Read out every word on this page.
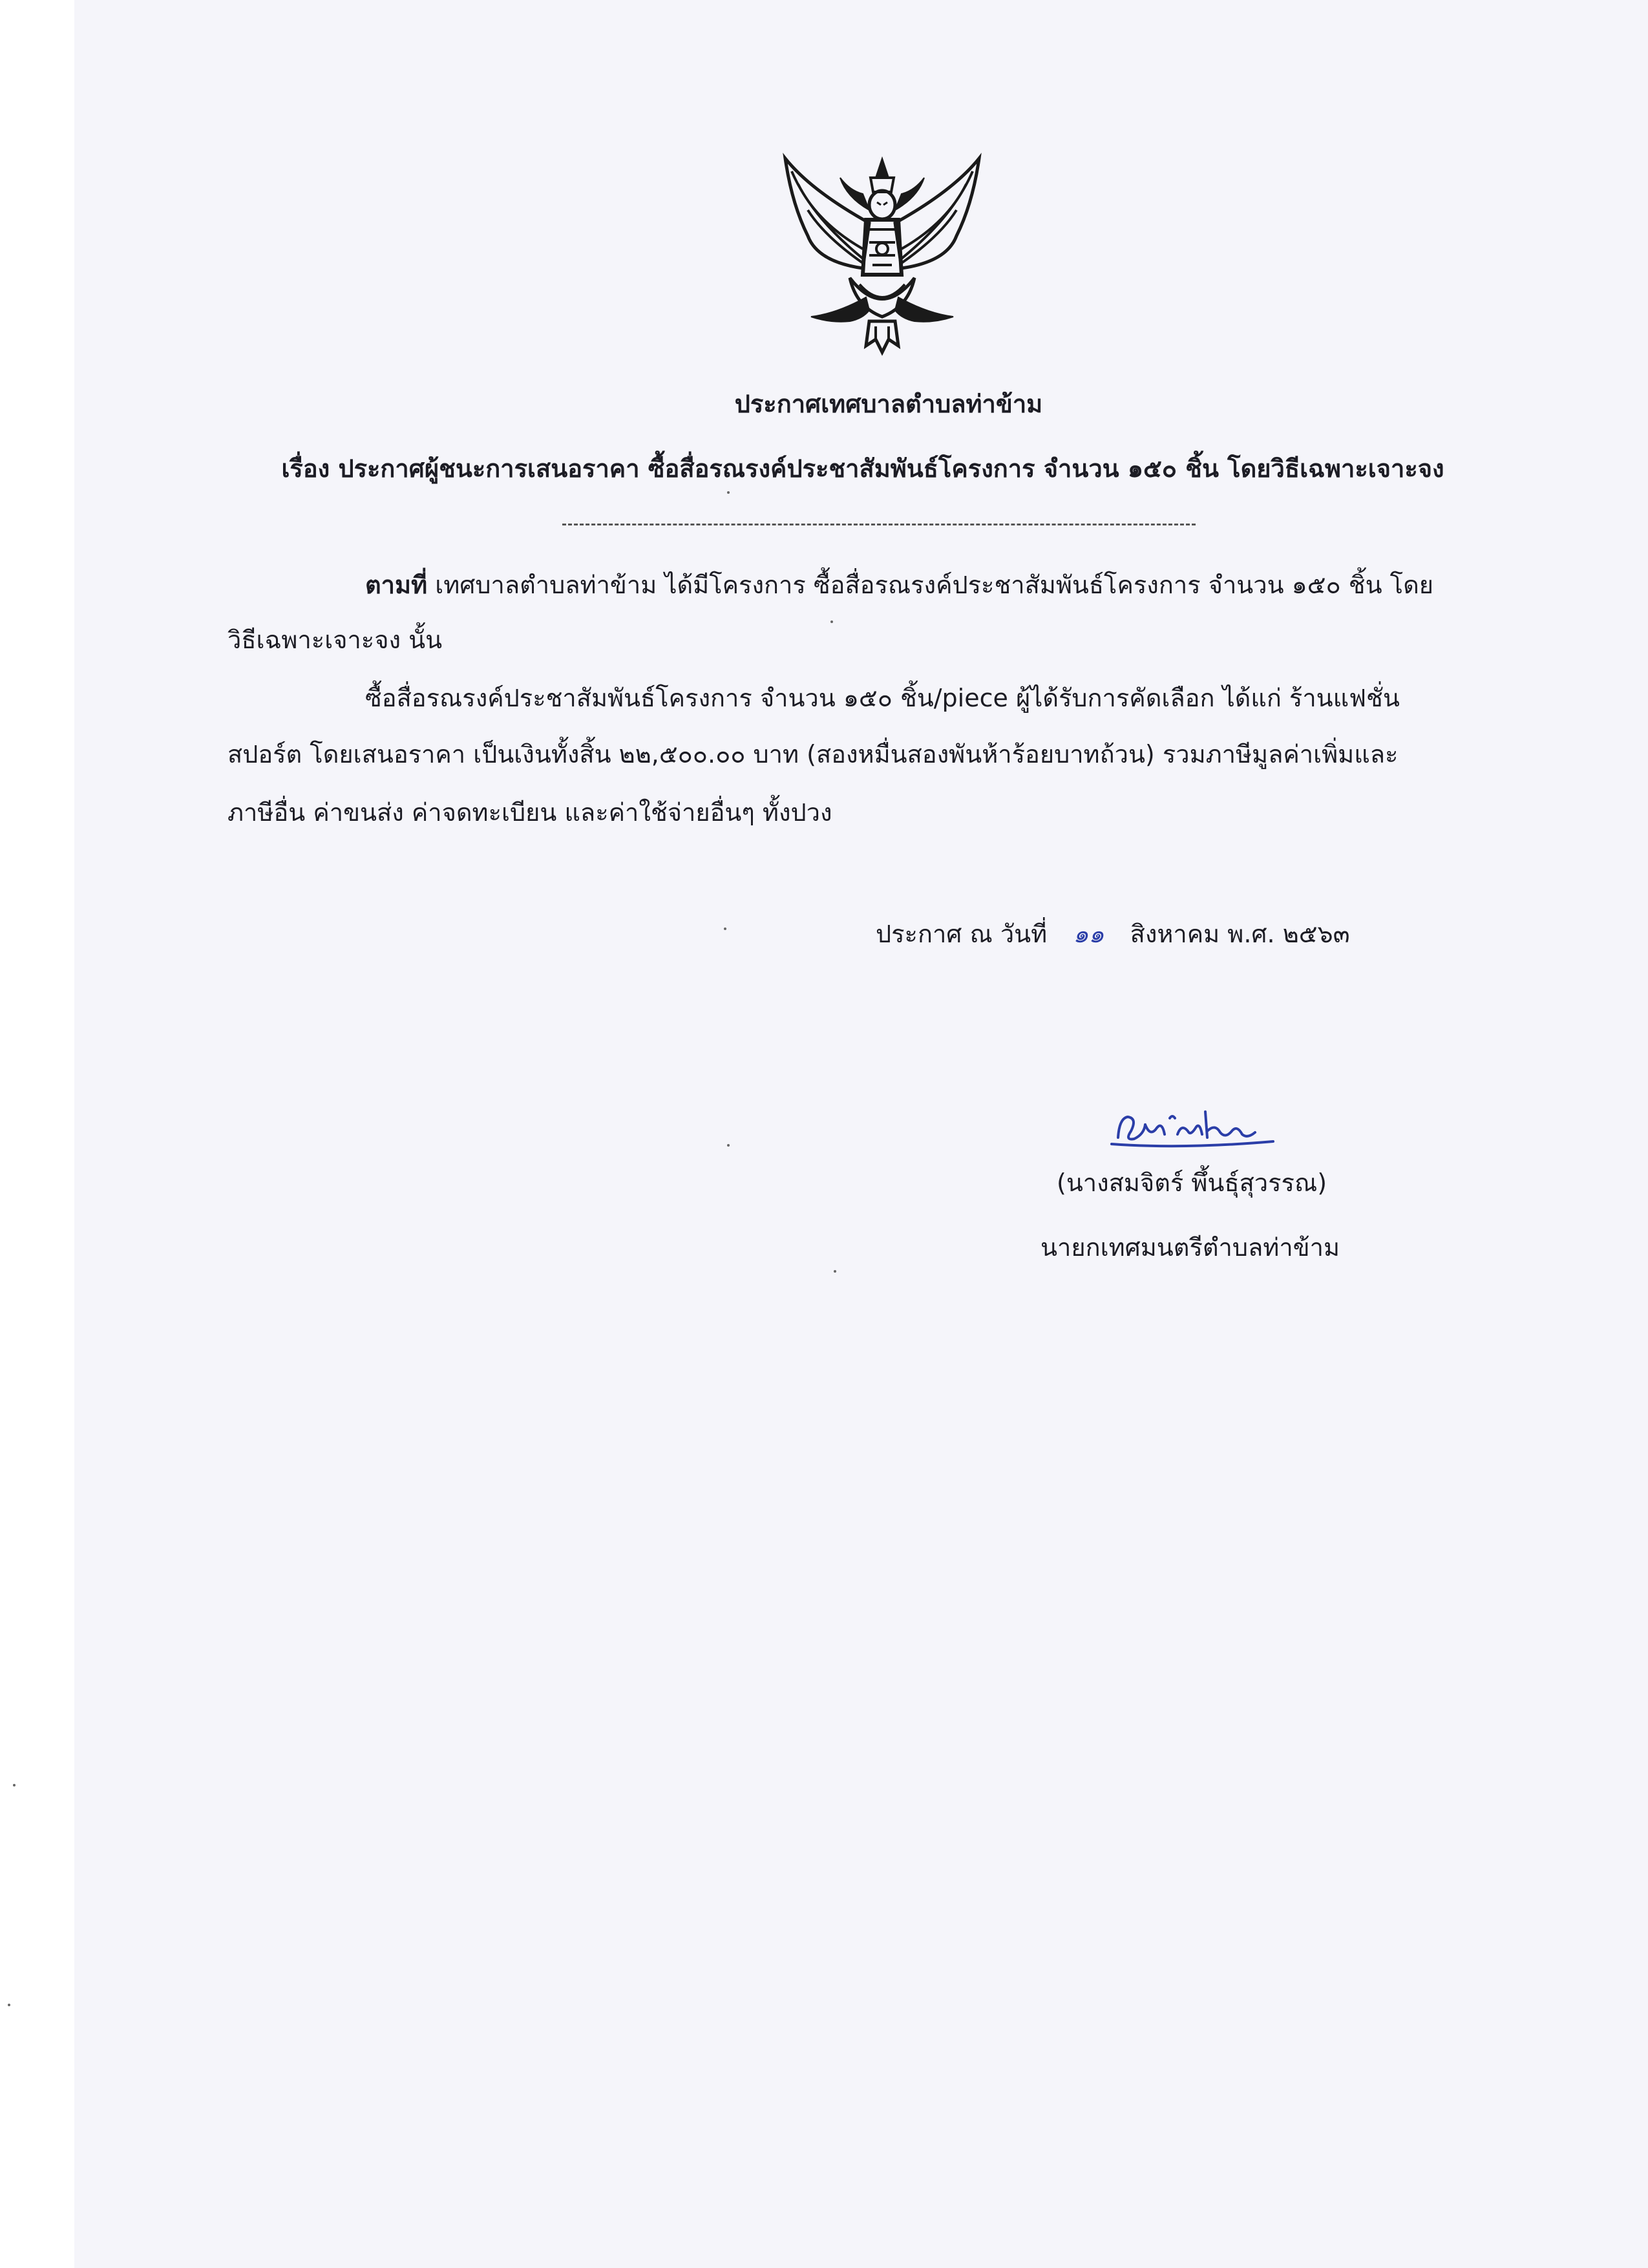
ประกาศเทศบาลตำบลท่าข้าม

เรื่อง ประกาศผู้ชนะการเสนอราคา ซื้อสื่อรณรงค์ประชาสัมพันธ์โครงการ จำนวน ๑๕๐ ชิ้น โดยวิธีเฉพาะเจาะจง

ตามที่ เทศบาลตำบลท่าข้าม ได้มีโครงการ ซื้อสื่อรณรงค์ประชาสัมพันธ์โครงการ จำนวน ๑๕๐ ชิ้น โดย

วิธีเฉพาะเจาะจง นั้น

ซื้อสื่อรณรงค์ประชาสัมพันธ์โครงการ จำนวน ๑๕๐ ชิ้น/piece ผู้ได้รับการคัดเลือก ได้แก่ ร้านแฟชั่น

สปอร์ต โดยเสนอราคา เป็นเงินทั้งสิ้น ๒๒,๕๐๐.๐๐ บาท (สองหมื่นสองพันห้าร้อยบาทถ้วน) รวมภาษีมูลค่าเพิ่มและ

ภาษีอื่น ค่าขนส่ง ค่าจดทะเบียน และค่าใช้จ่ายอื่นๆ ทั้งปวง

ประกาศ ณ วันที่ ๑๑ สิงหาคม พ.ศ. ๒๕๖๓
(นางสมจิตร์ พึ้นธุ์สุวรรณ)
นายกเทศมนตรีตำบลท่าข้าม
